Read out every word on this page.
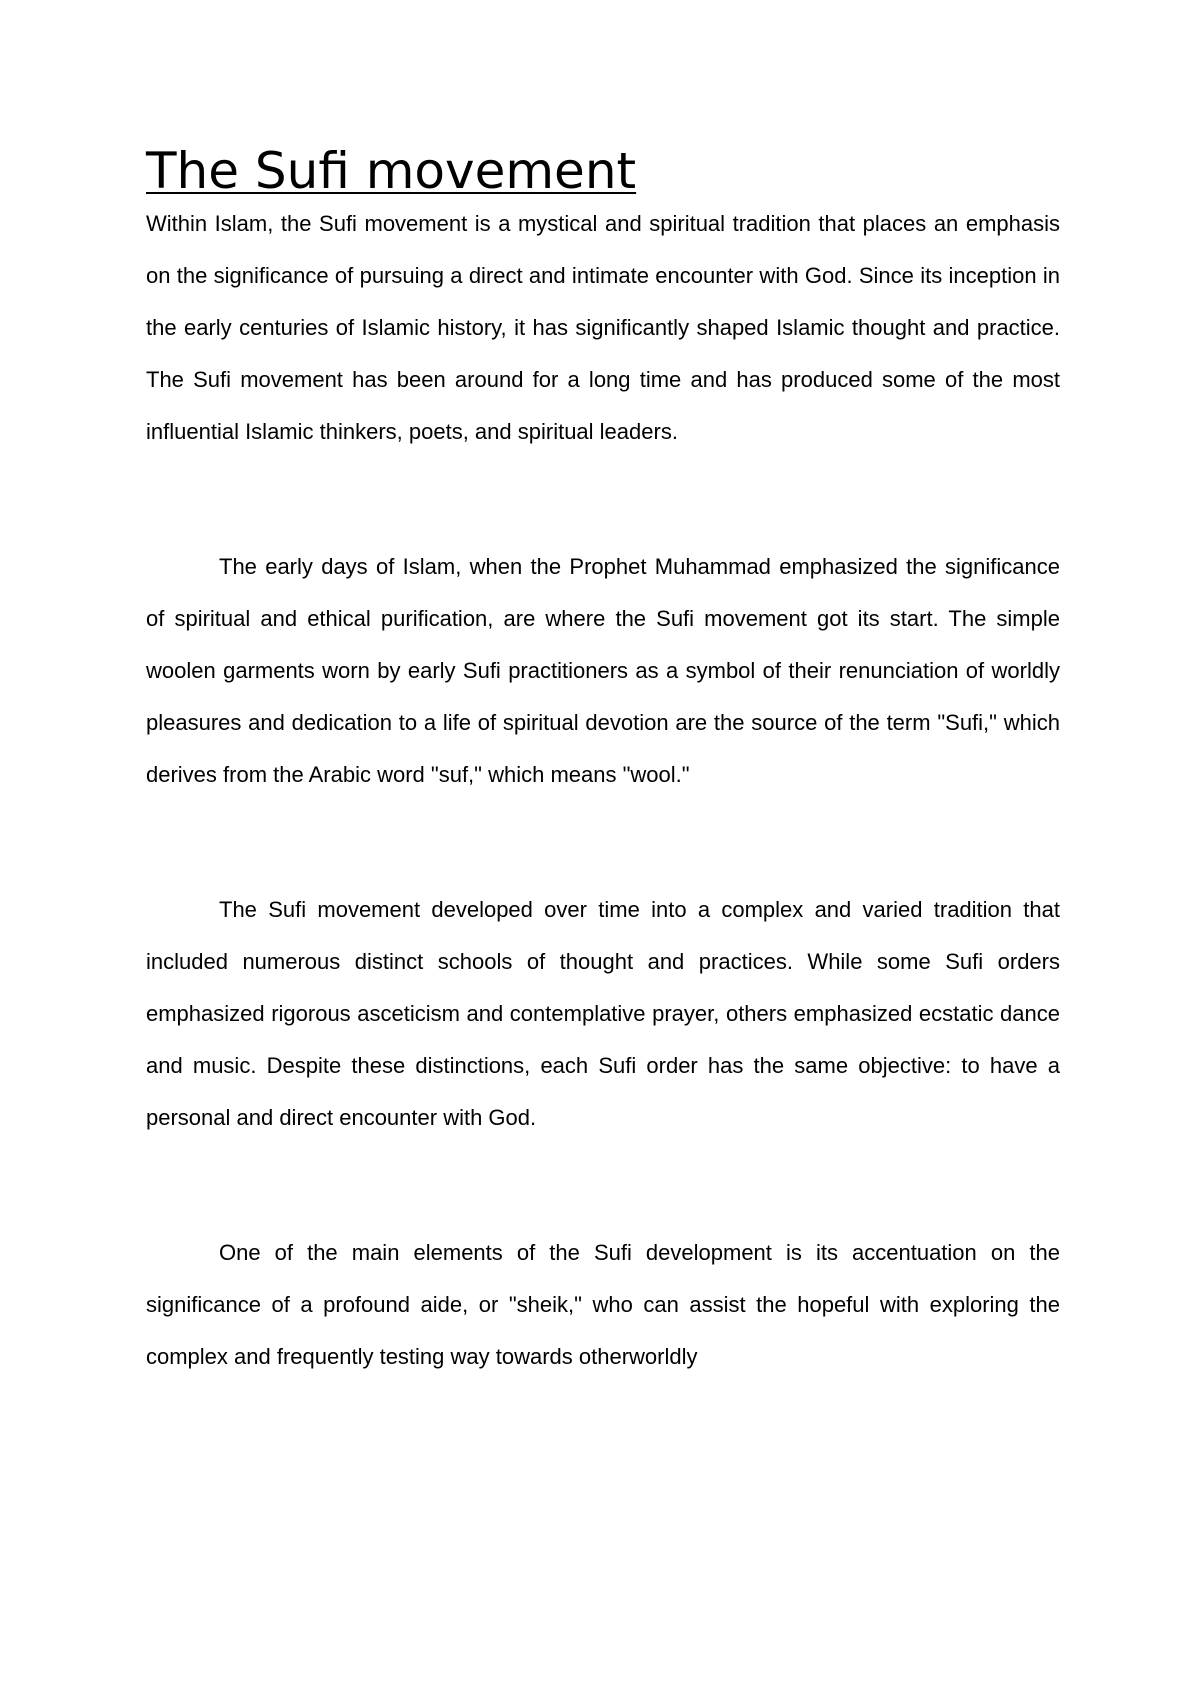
The Sufi movement

Within Islam, the Sufi movement is a mystical and spiritual tradition that places an emphasis on the significance of pursuing a direct and intimate encounter with God. Since its inception in the early centuries of Islamic history, it has significantly shaped Islamic thought and practice. The Sufi movement has been around for a long time and has produced some of the most influential Islamic thinkers, poets, and spiritual leaders.

The early days of Islam, when the Prophet Muhammad emphasized the significance of spiritual and ethical purification, are where the Sufi movement got its start. The simple woolen garments worn by early Sufi practitioners as a symbol of their renunciation of worldly pleasures and dedication to a life of spiritual devotion are the source of the term "Sufi," which derives from the Arabic word "suf," which means "wool."

The Sufi movement developed over time into a complex and varied tradition that included numerous distinct schools of thought and practices. While some Sufi orders emphasized rigorous asceticism and contemplative prayer, others emphasized ecstatic dance and music. Despite these distinctions, each Sufi order has the same objective: to have a personal and direct encounter with God.

One of the main elements of the Sufi development is its accentuation on the significance of a profound aide, or "sheik," who can assist the hopeful with exploring the complex and frequently testing way towards otherworldly
